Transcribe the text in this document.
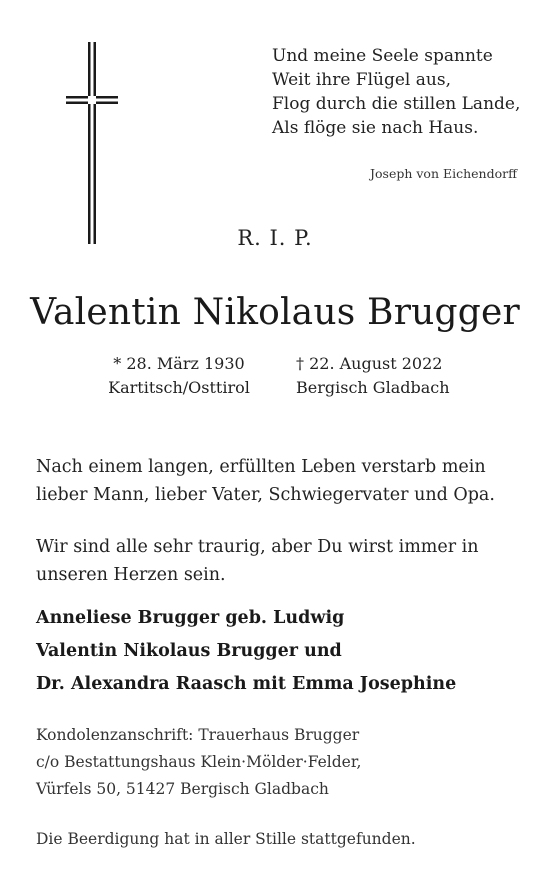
Und meine Seele spannte
Weit ihre Flügel aus,
Flog durch die stillen Lande,
Als flöge sie nach Haus.
Joseph von Eichendorff
R. I. P.
Valentin Nikolaus Brugger
* 28. März 1930
Kartitsch/Osttirol
† 22. August 2022
Bergisch Gladbach
Nach einem langen, erfüllten Leben verstarb mein lieber Mann, lieber Vater, Schwiegervater und Opa.
Wir sind alle sehr traurig, aber Du wirst immer in unseren Herzen sein.
Anneliese Brugger geb. Ludwig
Valentin Nikolaus Brugger und
Dr. Alexandra Raasch mit Emma Josephine
Kondolenzanschrift: Trauerhaus Brugger
c/o Bestattungshaus Klein·Mölder·Felder,
Vürfels 50, 51427 Bergisch Gladbach
Die Beerdigung hat in aller Stille stattgefunden.
